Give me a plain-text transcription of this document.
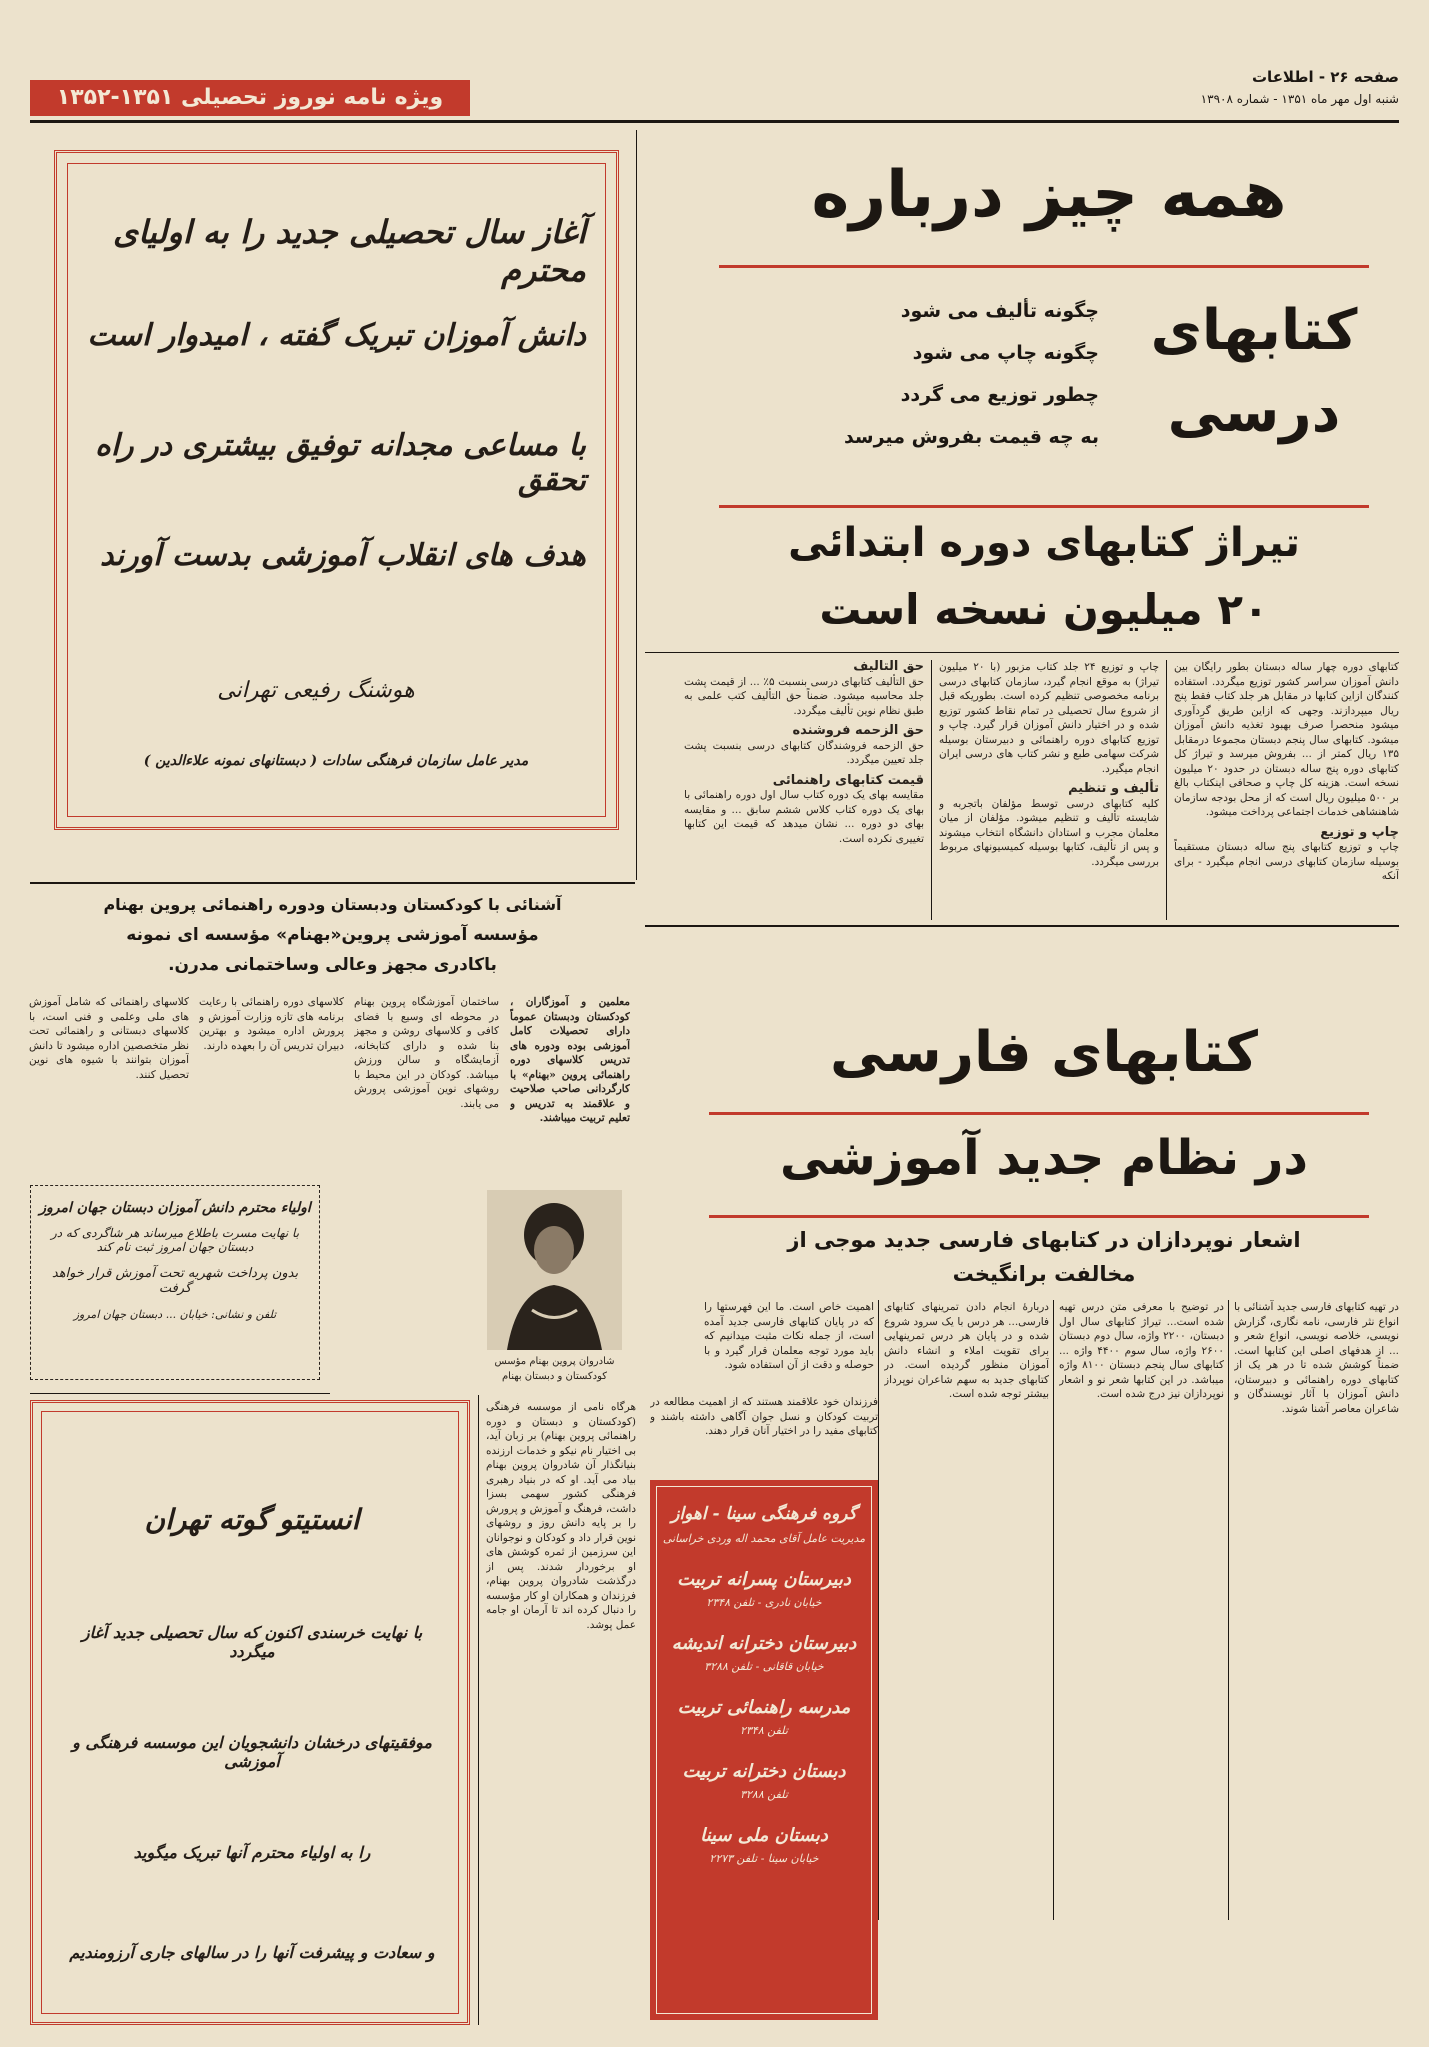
صفحه ۲۶ - اطلاعات
شنبه اول مهر ماه ۱۳۵۱ - شماره ۱۳۹۰۸
ویژه نامه نوروز تحصیلی ۱۳۵۱-۱۳۵۲
آغاز سال تحصیلی جدید را به اولیای محترم
دانش آموزان تبریک گفته ، امیدوار است
با مساعی مجدانه توفیق بیشتری در راه تحقق
هدف های انقلاب آموزشی بدست آورند
هوشنگ رفیعی تهرانی
مدیر عامل سازمان فرهنگی سادات ( دبستانهای نمونه علاءالدین )
همه چیز درباره
کتابهای درسی
چگونه تألیف می شود
چگونه چاپ می شود
چطور توزیع می گردد
به چه قیمت بفروش میرسد
تیراژ کتابهای دوره ابتدائی
۲۰ میلیون نسخه است
کتابهای دوره چهار ساله دبستان بطور رایگان بین دانش آموزان سراسر کشور توزیع میگردد. استفاده کنندگان ازاین کتابها در مقابل هر جلد کتاب فقط پنج ریال میپردازند. وجهی که ازاین طریق گردآوری میشود منحصرا صرف بهبود تغذیه دانش آموزان میشود. کتابهای سال پنجم دبستان مجموعا درمقابل ۱۳۵ ریال کمتر از ... بفروش میرسد و تیراژ کل کتابهای دوره پنج ساله دبستان در حدود ۲۰ میلیون نسخه است. هزینه کل چاپ و صحافی اینکتاب بالغ بر ۵۰۰ میلیون ریال است که از محل بودجه سازمان شاهنشاهی خدمات اجتماعی پرداخت میشود.
چاپ و توزیع
چاپ و توزیع کتابهای پنج ساله دبستان مستقیماً بوسیله سازمان کتابهای درسی انجام میگیرد - برای آنکه
چاپ و توزیع ۲۴ جلد کتاب مزبور (با ۲۰ میلیون تیراژ) به موقع انجام گیرد، سازمان کتابهای درسی برنامه مخصوصی تنظیم کرده است. بطوریکه قبل از شروع سال تحصیلی در تمام نقاط کشور توزیع شده و در اختیار دانش آموزان قرار گیرد. چاپ و توزیع کتابهای دوره راهنمائی و دبیرستان بوسیله شرکت سهامی طبع و نشر کتاب های درسی ایران انجام میگیرد.
تألیف و تنظیم
کلیه کتابهای درسی توسط مؤلفان باتجربه و شایسته تألیف و تنظیم میشود. مؤلفان از میان معلمان مجرب و استادان دانشگاه انتخاب میشوند و پس از تألیف، کتابها بوسیله کمیسیونهای مربوط بررسی میگردد.
حق التألیف
حق التألیف کتابهای درسی بنسبت ۵٪ ... از قیمت پشت جلد محاسبه میشود. ضمناً حق التألیف کتب علمی به طبق نظام نوین تألیف میگردد.
حق الزحمه فروشنده
حق الزحمه فروشندگان کتابهای درسی بنسبت پشت جلد تعیین میگردد.
قیمت کتابهای راهنمائی
مقایسه بهای یک دوره کتاب سال اول دوره راهنمائی با بهای یک دوره کتاب کلاس ششم سابق ... و مقایسه بهای دو دوره ... نشان میدهد که قیمت این کتابها تغییری نکرده است.
کتابهای فارسی
در نظام جدید آموزشی
اشعار نوپردازان در کتابهای فارسی جدید موجی از
مخالفت برانگیخت
در تهیه کتابهای فارسی جدید آشنائی با انواع نثر فارسی، نامه نگاری، گزارش نویسی، خلاصه نویسی، انواع شعر و ... از هدفهای اصلی این کتابها است. ضمناً کوشش شده تا در هر یک از کتابهای دوره راهنمائی و دبیرستان، دانش آموزان با آثار نویسندگان و شاعران معاصر آشنا شوند.
در توضیح با معرفی متن درس تهیه شده است... تیراژ کتابهای سال اول دبستان، ۲۲۰۰ واژه، سال دوم دبستان ۲۶۰۰ واژه، سال سوم ۴۴۰۰ واژه ... کتابهای سال پنجم دبستان ۸۱۰۰ واژه میباشد. در این کتابها شعر نو و اشعار نوپردازان نیز درج شده است.
دربارهٔ انجام دادن تمرینهای کتابهای فارسی... هر درس با یک سرود شروع شده و در پایان هر درس تمرینهایی برای تقویت املاء و انشاء دانش آموزان منظور گردیده است. در کتابهای جدید به سهم شاعران نوپرداز بیشتر توجه شده است.
اهمیت خاص است. ما این فهرستها را که در پایان کتابهای فارسی جدید آمده است، از جمله نکات مثبت میدانیم که باید مورد توجه معلمان قرار گیرد و با حوصله و دقت از آن استفاده شود.
گروه فرهنگی سینا - اهواز
مدیریت عامل آقای محمد اله وردی خراسانی
دبیرستان پسرانه تربیت
خیابان نادری - تلفن ۲۳۴۸
دبیرستان دخترانه اندیشه
خیابان قاقانی - تلفن ۳۲۸۸
مدرسه راهنمائی تربیت
تلفن ۲۳۴۸
دبستان دخترانه تربیت
تلفن ۳۲۸۸
دبستان ملی سینا
خیابان سینا - تلفن ۲۲۷۳
آشنائی با کودکستان ودبستان ودوره راهنمائی پروین بهنام
مؤسسه آموزشی پروین«بهنام» مؤسسه ای نمونه
باکادری مجهز وعالی وساختمانی مدرن.
معلمین و آموزگاران ، کودکستان ودبستان عموماً دارای تحصیلات کامل آموزشی بوده ودوره های تدریس کلاسهای دوره راهنمائی پروین «بهنام» با کارگردانی صاحب صلاحیت و علاقمند به تدریس و تعلیم تربیت میباشند.
ساختمان آموزشگاه پروین بهنام در محوطه ای وسیع با فضای کافی و کلاسهای روشن و مجهز بنا شده و دارای کتابخانه، آزمایشگاه و سالن ورزش میباشد. کودکان در این محیط با روشهای نوین آموزشی پرورش می یابند.
کلاسهای دوره راهنمائی با رعایت برنامه های تازه وزارت آموزش و پرورش اداره میشود و بهترین دبیران تدریس آن را بعهده دارند.
کلاسهای راهنمائی که شامل آموزش های ملی وعلمی و فنی است، با کلاسهای دبستانی و راهنمائی تحت نظر متخصصین اداره میشود تا دانش آموزان بتوانند با شیوه های نوین تحصیل کنند.
شادروان پروین بهنام مؤسس کودکستان و دبستان بهنام
اولیاء محترم دانش آموزان دبستان جهان امروز
با نهایت مسرت باطلاع میرساند هر شاگردی که در دبستان جهان امروز ثبت نام کند
بدون پرداخت شهریه تحت آموزش قرار خواهد گرفت
تلفن و نشانی: خیابان ... دبستان جهان امروز
انستیتو گوته تهران
با نهایت خرسندی اکنون که سال تحصیلی جدید آغاز میگردد
موفقیتهای درخشان دانشجویان این موسسه فرهنگی و آموزشی
را به اولیاء محترم آنها تبریک میگوید
و سعادت و پیشرفت آنها را در سالهای جاری آرزومندیم
هرگاه نامی از موسسه فرهنگی (کودکستان و دبستان و دوره راهنمائی پروین بهنام) بر زبان آید، بی اختیار نام نیکو و خدمات ارزنده بنیانگذار آن شادروان پروین بهنام بیاد می آید. او که در بنیاد رهبری فرهنگی کشور سهمی بسزا داشت، فرهنگ و آموزش و پرورش را بر پایه دانش روز و روشهای نوین قرار داد و کودکان و نوجوانان این سرزمین از ثمره کوشش های او برخوردار شدند. پس از درگذشت شادروان پروین بهنام، فرزندان و همکاران او کار مؤسسه را دنبال کرده اند تا آرمان او جامه عمل پوشد.
فرزندان خود علاقمند هستند که از اهمیت مطالعه در تربیت کودکان و نسل جوان آگاهی داشته باشند و کتابهای مفید را در اختیار آنان قرار دهند.
